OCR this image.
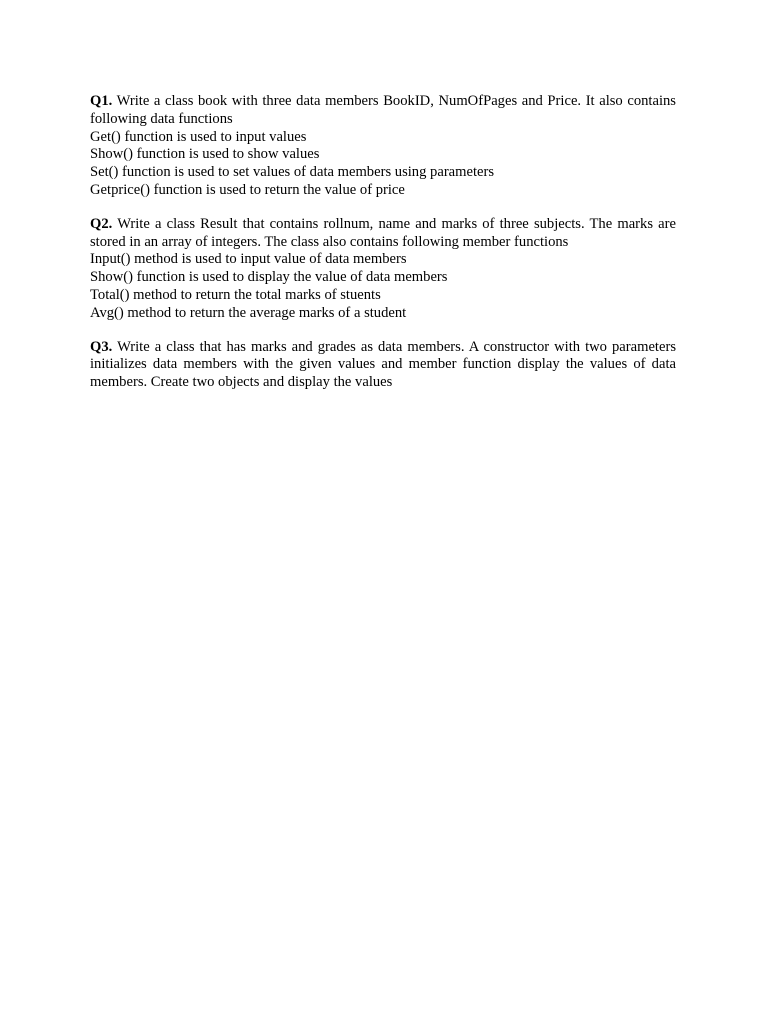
Q1. Write a class book with three data members BookID, NumOfPages and Price. It also contains following data functions

Get() function is used to input values

Show() function is used to show values

Set() function is used to set values of data members using parameters

Getprice() function is used to return the value of price

Q2. Write a class Result that contains rollnum, name and marks of three subjects. The marks are stored in an array of integers. The class also contains following member functions

Input() method is used to input value of data members

Show() function is used to display the value of data members

Total() method to return the total marks of stuents

Avg() method to return the average marks of a student

Q3. Write a class that has marks and grades as data members. A constructor with two parameters initializes data members with the given values and member function display the values of data members. Create two objects and display the values
